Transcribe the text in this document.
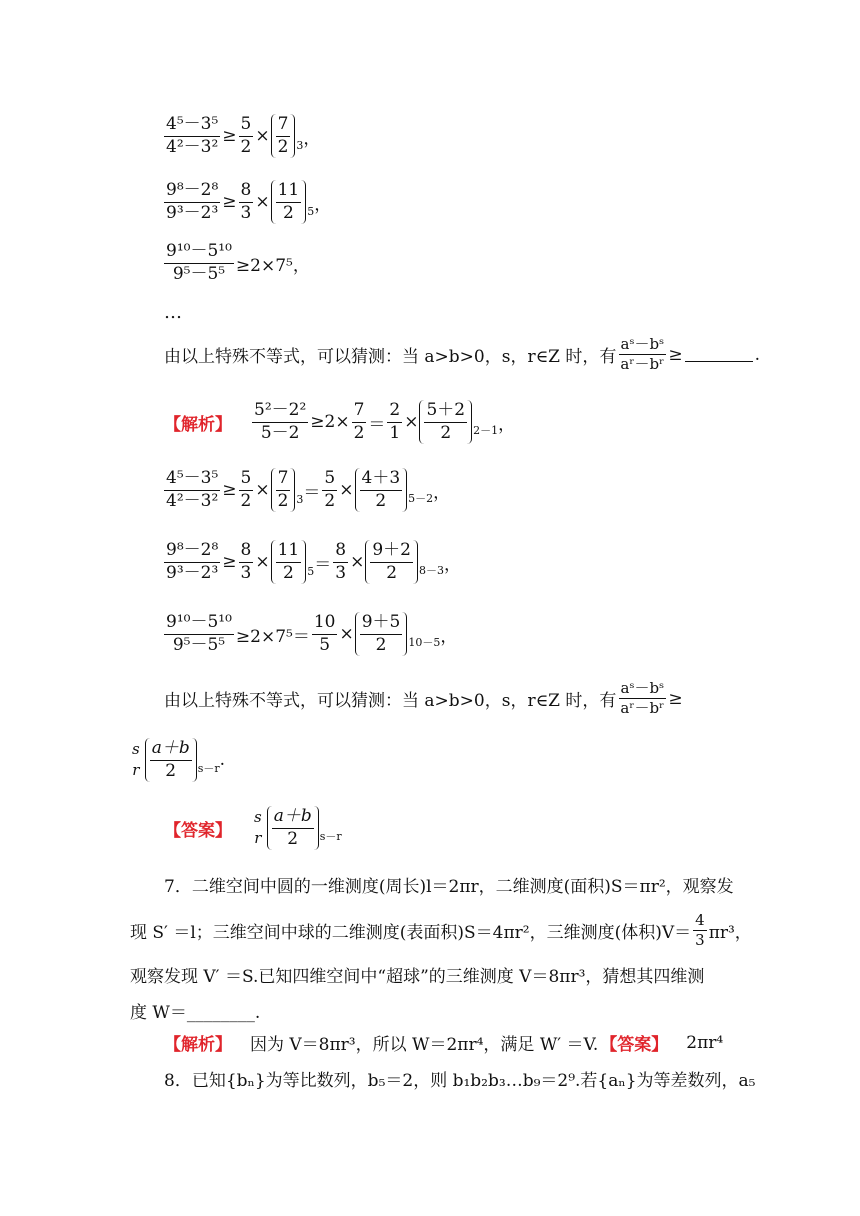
$\frac{\text{4⁵－3⁵}}{\text{4²－3²}} \ge \frac{5}{2} \times \frac{7}{2} 3$ ，
$\frac{\text{9⁸－2⁸}}{\text{9³－2³}} \ge \frac{8}{3} \times \frac{11}{2} 5$ ，
$\frac{\text{9¹⁰－5¹⁰}}{\text{9⁵－5⁵}} \ge 2\times 7^5$，
…
由以上特殊不等式，可以猜测：当 a>b>0，s，r∈Z 时，有 $\frac{\text{aˢ－bˢ}}{\text{aʳ－bʳ}}$ ≥	.
【解析】 $\frac{\text{5²－2²}}{5-2} \ge 2\times \frac{7}{2} = \frac{2}{1} \times \frac{5+2}{2} 2-1$ ，
$\frac{\text{4⁵－3⁵}}{\text{4²－3²}} \ge \frac{5}{2} \times \frac{7}{2} 3 = \frac{5}{2} \times \frac{4+3}{2} 5-2$ ，
$\frac{\text{9⁸－2⁸}}{\text{9³－2³}} \ge \frac{8}{3} \times \frac{11}{2} 5 = \frac{8}{3} \times \frac{9+2}{2} 8-3$ ，
$\frac{\text{9¹⁰－5¹⁰}}{\text{9⁵－5⁵}} \ge 2\times 7^5= \frac{10}{5} \times \frac{9+5}{2} 10-5$ ，
由以上特殊不等式，可以猜测：当 a>b>0，s，r∈Z 时，有 $\frac{\text{aˢ－bˢ}}{\text{aʳ－bʳ}}$ ≥
s
r $\frac{a+b}{2} s-r$ .
【答案】
s
r $\frac{a+b}{2} s-r$
7．二维空间中圆的一维测度(周长)l＝2πr，二维测度(面积)S＝πr²，观察发
现 S′ ＝l；三维空间中球的二维测度(表面积)S＝4πr²，三维测度(体积)$V= \frac{4}{3} \pi r^3$，
观察发现 V′ ＝S.已知四维空间中“超球”的三维测度 V＝8πr³，猜想其四维测
度 W＝________.
【解析】 因为 V＝8πr³，所以 W＝2πr⁴，满足 W′ ＝V. 【答案】 2πr⁴
8．已知{bₙ}为等比数列，b₅＝2，则 b₁b₂b₃…b₉＝2⁹.若{aₙ}为等差数列，a₅
